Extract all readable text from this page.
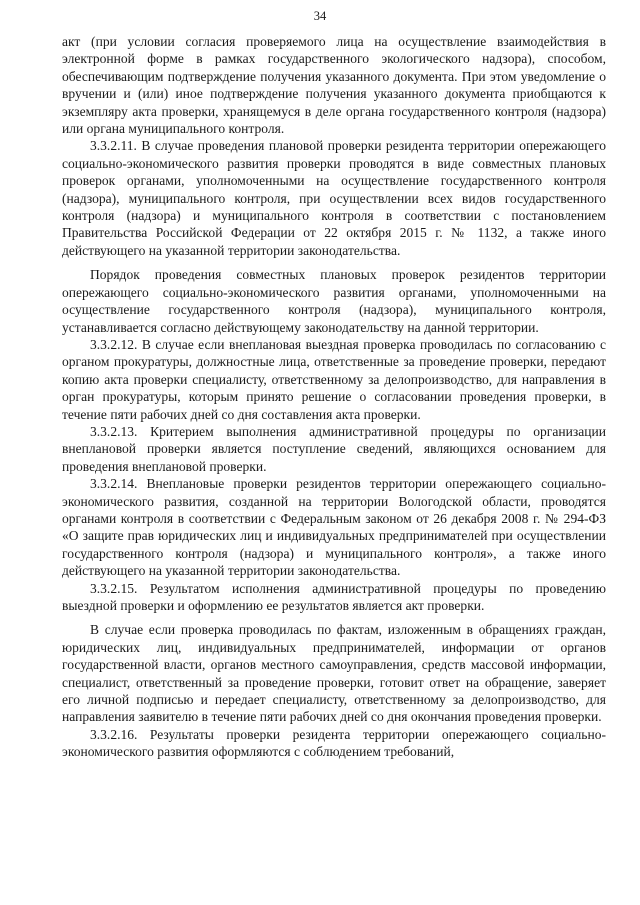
34

акт (при условии согласия проверяемого лица на осуществление взаимодействия в электронной форме в рамках государственного экологического надзора), способом, обеспечивающим подтверждение получения указанного документа. При этом уведомление о вручении и (или) иное подтверждение получения указанного документа приобщаются к экземпляру акта проверки, хранящемуся в деле органа государственного контроля (надзора) или органа муниципального контроля.

3.3.2.11. В случае проведения плановой проверки резидента территории опережающего социально-экономического развития проверки проводятся в виде совместных плановых проверок органами, уполномоченными на осуществление государственного контроля (надзора), муниципального контроля, при осуществлении всех видов государственного контроля (надзора) и муниципального контроля в соответствии с постановлением Правительства Российской Федерации от 22 октября 2015 г. № 1132, а также иного действующего на указанной территории законодательства.

Порядок проведения совместных плановых проверок резидентов территории опережающего социально-экономического развития органами, уполномоченными на осуществление государственного контроля (надзора), муниципального контроля, устанавливается согласно действующему законодательству на данной территории.

3.3.2.12. В случае если внеплановая выездная проверка проводилась по согласованию с органом прокуратуры, должностные лица, ответственные за проведение проверки, передают копию акта проверки специалисту, ответственному за делопроизводство, для направления в орган прокуратуры, которым принято решение о согласовании проведения проверки, в течение пяти рабочих дней со дня составления акта проверки.

3.3.2.13. Критерием выполнения административной процедуры по организации внеплановой проверки является поступление сведений, являющихся основанием для проведения внеплановой проверки.

3.3.2.14. Внеплановые проверки резидентов территории опережающего социально-экономического развития, созданной на территории Вологодской области, проводятся органами контроля в соответствии с Федеральным законом от 26 декабря 2008 г. № 294-ФЗ «О защите прав юридических лиц и индивидуальных предпринимателей при осуществлении государственного контроля (надзора) и муниципального контроля», а также иного действующего на указанной территории законодательства.

3.3.2.15. Результатом исполнения административной процедуры по проведению выездной проверки и оформлению ее результатов является акт проверки.

В случае если проверка проводилась по фактам, изложенным в обращениях граждан, юридических лиц, индивидуальных предпринимателей, информации от органов государственной власти, органов местного самоуправления, средств массовой информации, специалист, ответственный за проведение проверки, готовит ответ на обращение, заверяет его личной подписью и передает специалисту, ответственному за делопроизводство, для направления заявителю в течение пяти рабочих дней со дня окончания проведения проверки.

3.3.2.16. Результаты проверки резидента территории опережающего социально-экономического развития оформляются с соблюдением требований,
